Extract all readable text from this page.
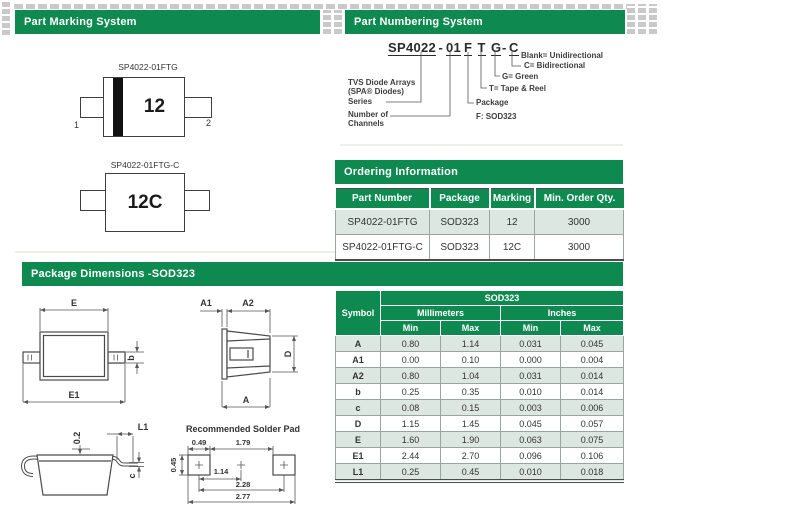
Part Marking System	Part Numbering System
Ordering Information
Package Dimensions -SOD323
SP4022-01FTG
12
1	2
SP4022-01FTG-C
12C
SP4022 - 01 F T G - C
TVS Diode Arrays
(SPA® Diodes)
Series
Number of
Channels
Blank= Unidirectional
C= Bidirectional
G= Green
T= Tape & Reel
Package
F: SOD323
Part Number	Package	Marking	Min. Order Qty.
SP4022-01FTG	SOD323	12	3000
SP4022-01FTG-C	SOD323	12C	3000
Symbol	SOD323			
	Millimeters		Inches	
	Min	Max	Min	Max
A	0.80	1.14	0.031	0.045
A1	0.00	0.10	0.000	0.004
A2	0.80	1.04	0.031	0.014
b	0.25	0.35	0.010	0.014
c	0.08	0.15	0.003	0.006
D	1.15	1.45	0.045	0.057
E	1.60	1.90	0.063	0.075
E1	2.44	2.70	0.096	0.106
L1	0.25	0.45	0.010	0.018
E
b
E1
A1	A2
D
A
0.2
L1
c
Recommended Solder Pad
0.49	1.79
0.45	1.14
2.28
2.77
